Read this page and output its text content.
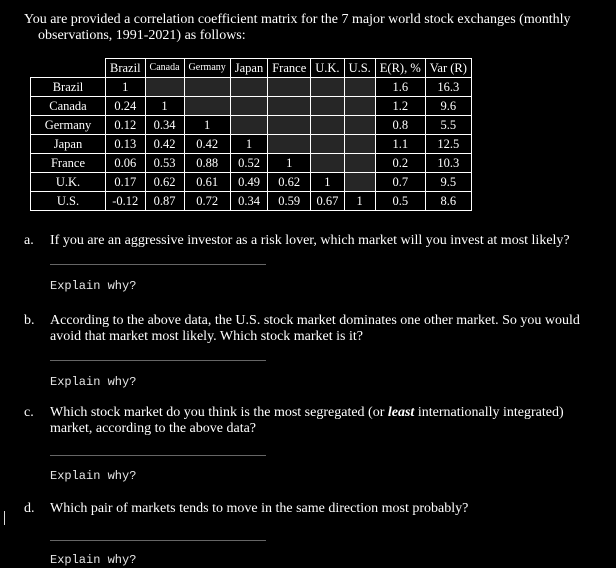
You are provided a correlation coefficient matrix for the 7 major world stock exchanges (monthly
observations, 1991-2021) as follows:
	Brazil	Canada	Germany	Japan	France	U.K.	U.S.	E(R), %	Var (R)
Brazil	1							1.6	16.3
Canada	0.24	1						1.2	9.6
Germany	0.12	0.34	1					0.8	5.5
Japan	0.13	0.42	0.42	1				1.1	12.5
France	0.06	0.53	0.88	0.52	1			0.2	10.3
U.K.	0.17	0.62	0.61	0.49	0.62	1		0.7	9.5
U.S.	-0.12	0.87	0.72	0.34	0.59	0.67	1	0.5	8.6
a. If you are an aggressive investor as a risk lover, which market will you invest at most likely?
Explain why?
b. According to the above data, the U.S. stock market dominates one other market. So you would
avoid that market most likely. Which stock market is it?
Explain why?
c. Which stock market do you think is the most segregated (or least internationally integrated)
market, according to the above data?
Explain why?
d. Which pair of markets tends to move in the same direction most probably?
Explain why?
